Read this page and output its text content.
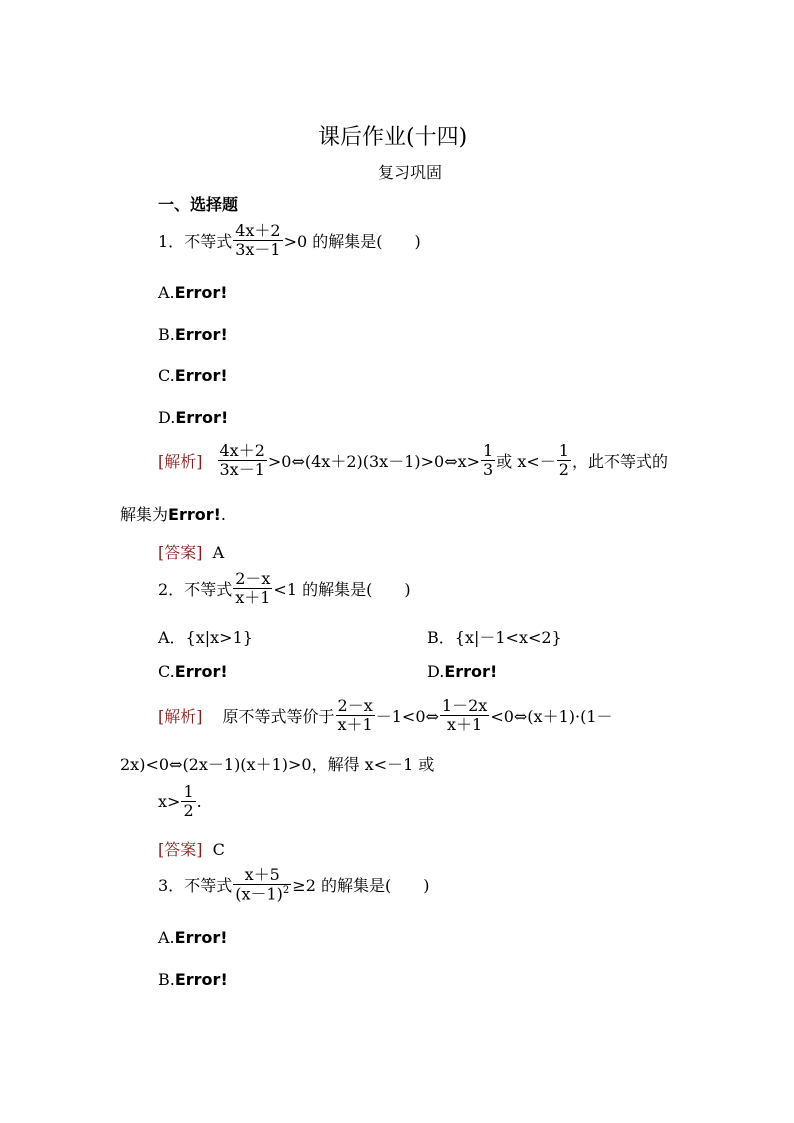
课后作业(十四)
复习巩固
一、选择题
1． 不等式 $\frac{4x+2}{3x-1} >0$ 的解集是(　　)
A.Error!
B.Error!
C.Error!
D.Error!
[解析] $\frac{4x+2}{3x-1}$ >0⇔(4x＋2)(3x－1)>0⇔x> $\frac{1}{3}$ 或 $x<- \frac{1}{2}$ ，此不等式的
解集为Error!.
[答案] A
2． 不等式 $\frac{2-x}{x+1} <1$ 的解集是(　　)
A．{x|x>1}	B．{x|－1<x<2}
C.Error!	D.Error!
[解析] 原不等式等价于 $\frac{2-x}{x+1}$ －1<0⇔ $\frac{1-2x}{x+1}$ <0⇔(x＋1)·(1－
2x)<0⇔(2x－1)(x＋1)>0，解得 x<－1 或
$x> \frac{1}{2}$ .
[答案] C
3． 不等式 $\frac{x+5}{(x-1)^2} \ge 2$ 的解集是(　　)
A.Error!
B.Error!
